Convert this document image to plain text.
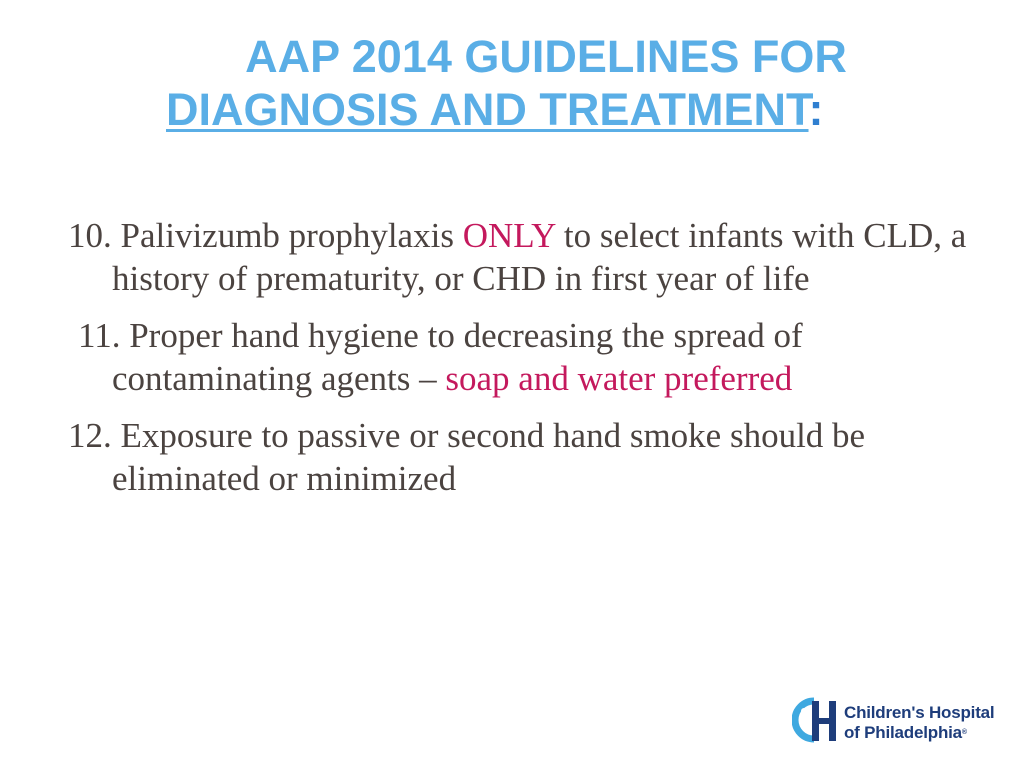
AAP 2014 GUIDELINES FOR
DIAGNOSIS AND TREATMENT:
10. Palivizumb prophylaxis ONLY to select infants with CLD, a history of prematurity, or CHD in first year of life
11. Proper hand hygiene to decreasing the spread of contaminating agents – soap and water preferred
12. Exposure to passive or second hand smoke should be eliminated or minimized
Children's Hospital
of Philadelphia®
